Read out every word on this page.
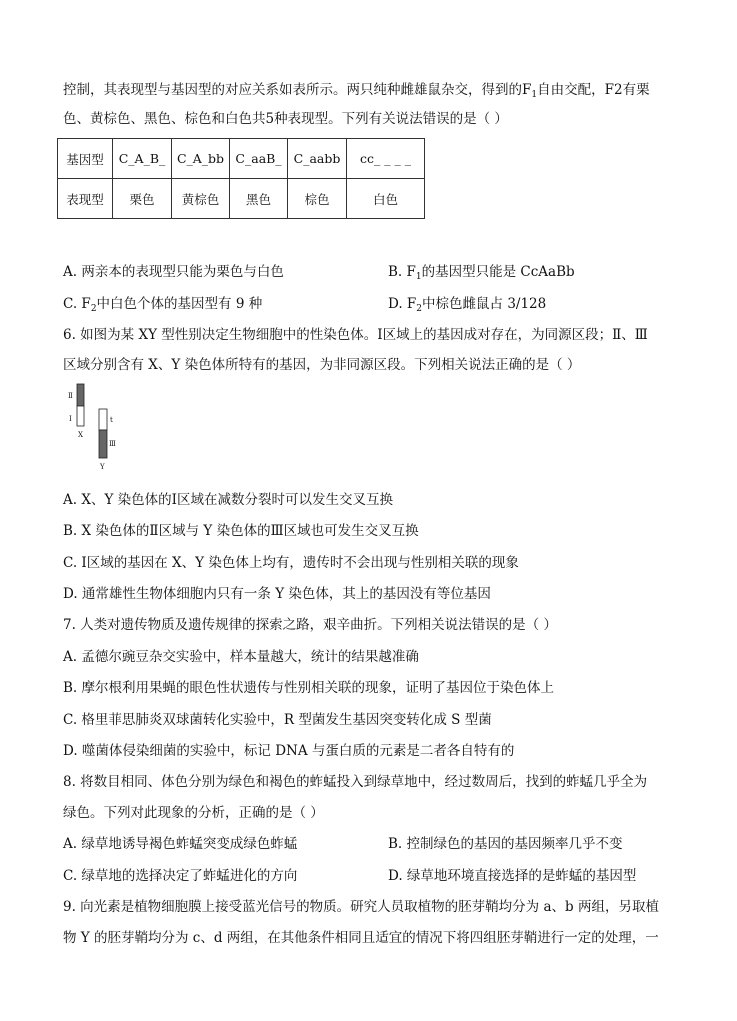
控制，其表现型与基因型的对应关系如表所示。两只纯种雌雄鼠杂交，得到的$F_1$自由交配，F2有栗
色、黄棕色、黑色、棕色和白色共5种表现型。下列有关说法错误的是（ ）
基因型	C_A_B_	C_A_bb	C_aaB_	C_aabb	cc_ _ _ _
表现型	栗色	黄棕色	黑色	棕色	白色
A. 两亲本的表现型只能为栗色与白色	B. $F_1$的基因型只能是 CcAaBb
C. $F_2$中白色个体的基因型有 9 种	D. $F_2$中棕色雌鼠占 3/128
6. 如图为某 XY 型性别决定生物细胞中的性染色体。Ⅰ区域上的基因成对存在，为同源区段；Ⅱ、Ⅲ
区域分别含有 X、Y 染色体所特有的基因，为非同源区段。下列相关说法正确的是（ ）
Ⅱ
Ⅰ	t
Ⅲ
X
Y
A. X、Y 染色体的Ⅰ区域在减数分裂时可以发生交叉互换
B. X 染色体的Ⅱ区域与 Y 染色体的Ⅲ区域也可发生交叉互换
C. Ⅰ区域的基因在 X、Y 染色体上均有，遗传时不会出现与性别相关联的现象
D. 通常雄性生物体细胞内只有一条 Y 染色体，其上的基因没有等位基因
7. 人类对遗传物质及遗传规律的探索之路，艰辛曲折。下列相关说法错误的是（ ）
A. 孟德尔豌豆杂交实验中，样本量越大，统计的结果越准确
B. 摩尔根利用果蝇的眼色性状遗传与性别相关联的现象，证明了基因位于染色体上
C. 格里菲思肺炎双球菌转化实验中，R 型菌发生基因突变转化成 S 型菌
D. 噬菌体侵染细菌的实验中，标记 DNA 与蛋白质的元素是二者各自特有的
8. 将数目相同、体色分别为绿色和褐色的蚱蜢投入到绿草地中，经过数周后，找到的蚱蜢几乎全为
绿色。下列对此现象的分析，正确的是（ ）
A. 绿草地诱导褐色蚱蜢突变成绿色蚱蜢	B. 控制绿色的基因的基因频率几乎不变
C. 绿草地的选择决定了蚱蜢进化的方向	D. 绿草地环境直接选择的是蚱蜢的基因型
9. 向光素是植物细胞膜上接受蓝光信号的物质。研究人员取植物的胚芽鞘均分为 a、b 两组，另取植
物 Y 的胚芽鞘均分为 c、d 两组，在其他条件相同且适宜的情况下将四组胚芽鞘进行一定的处理，一
